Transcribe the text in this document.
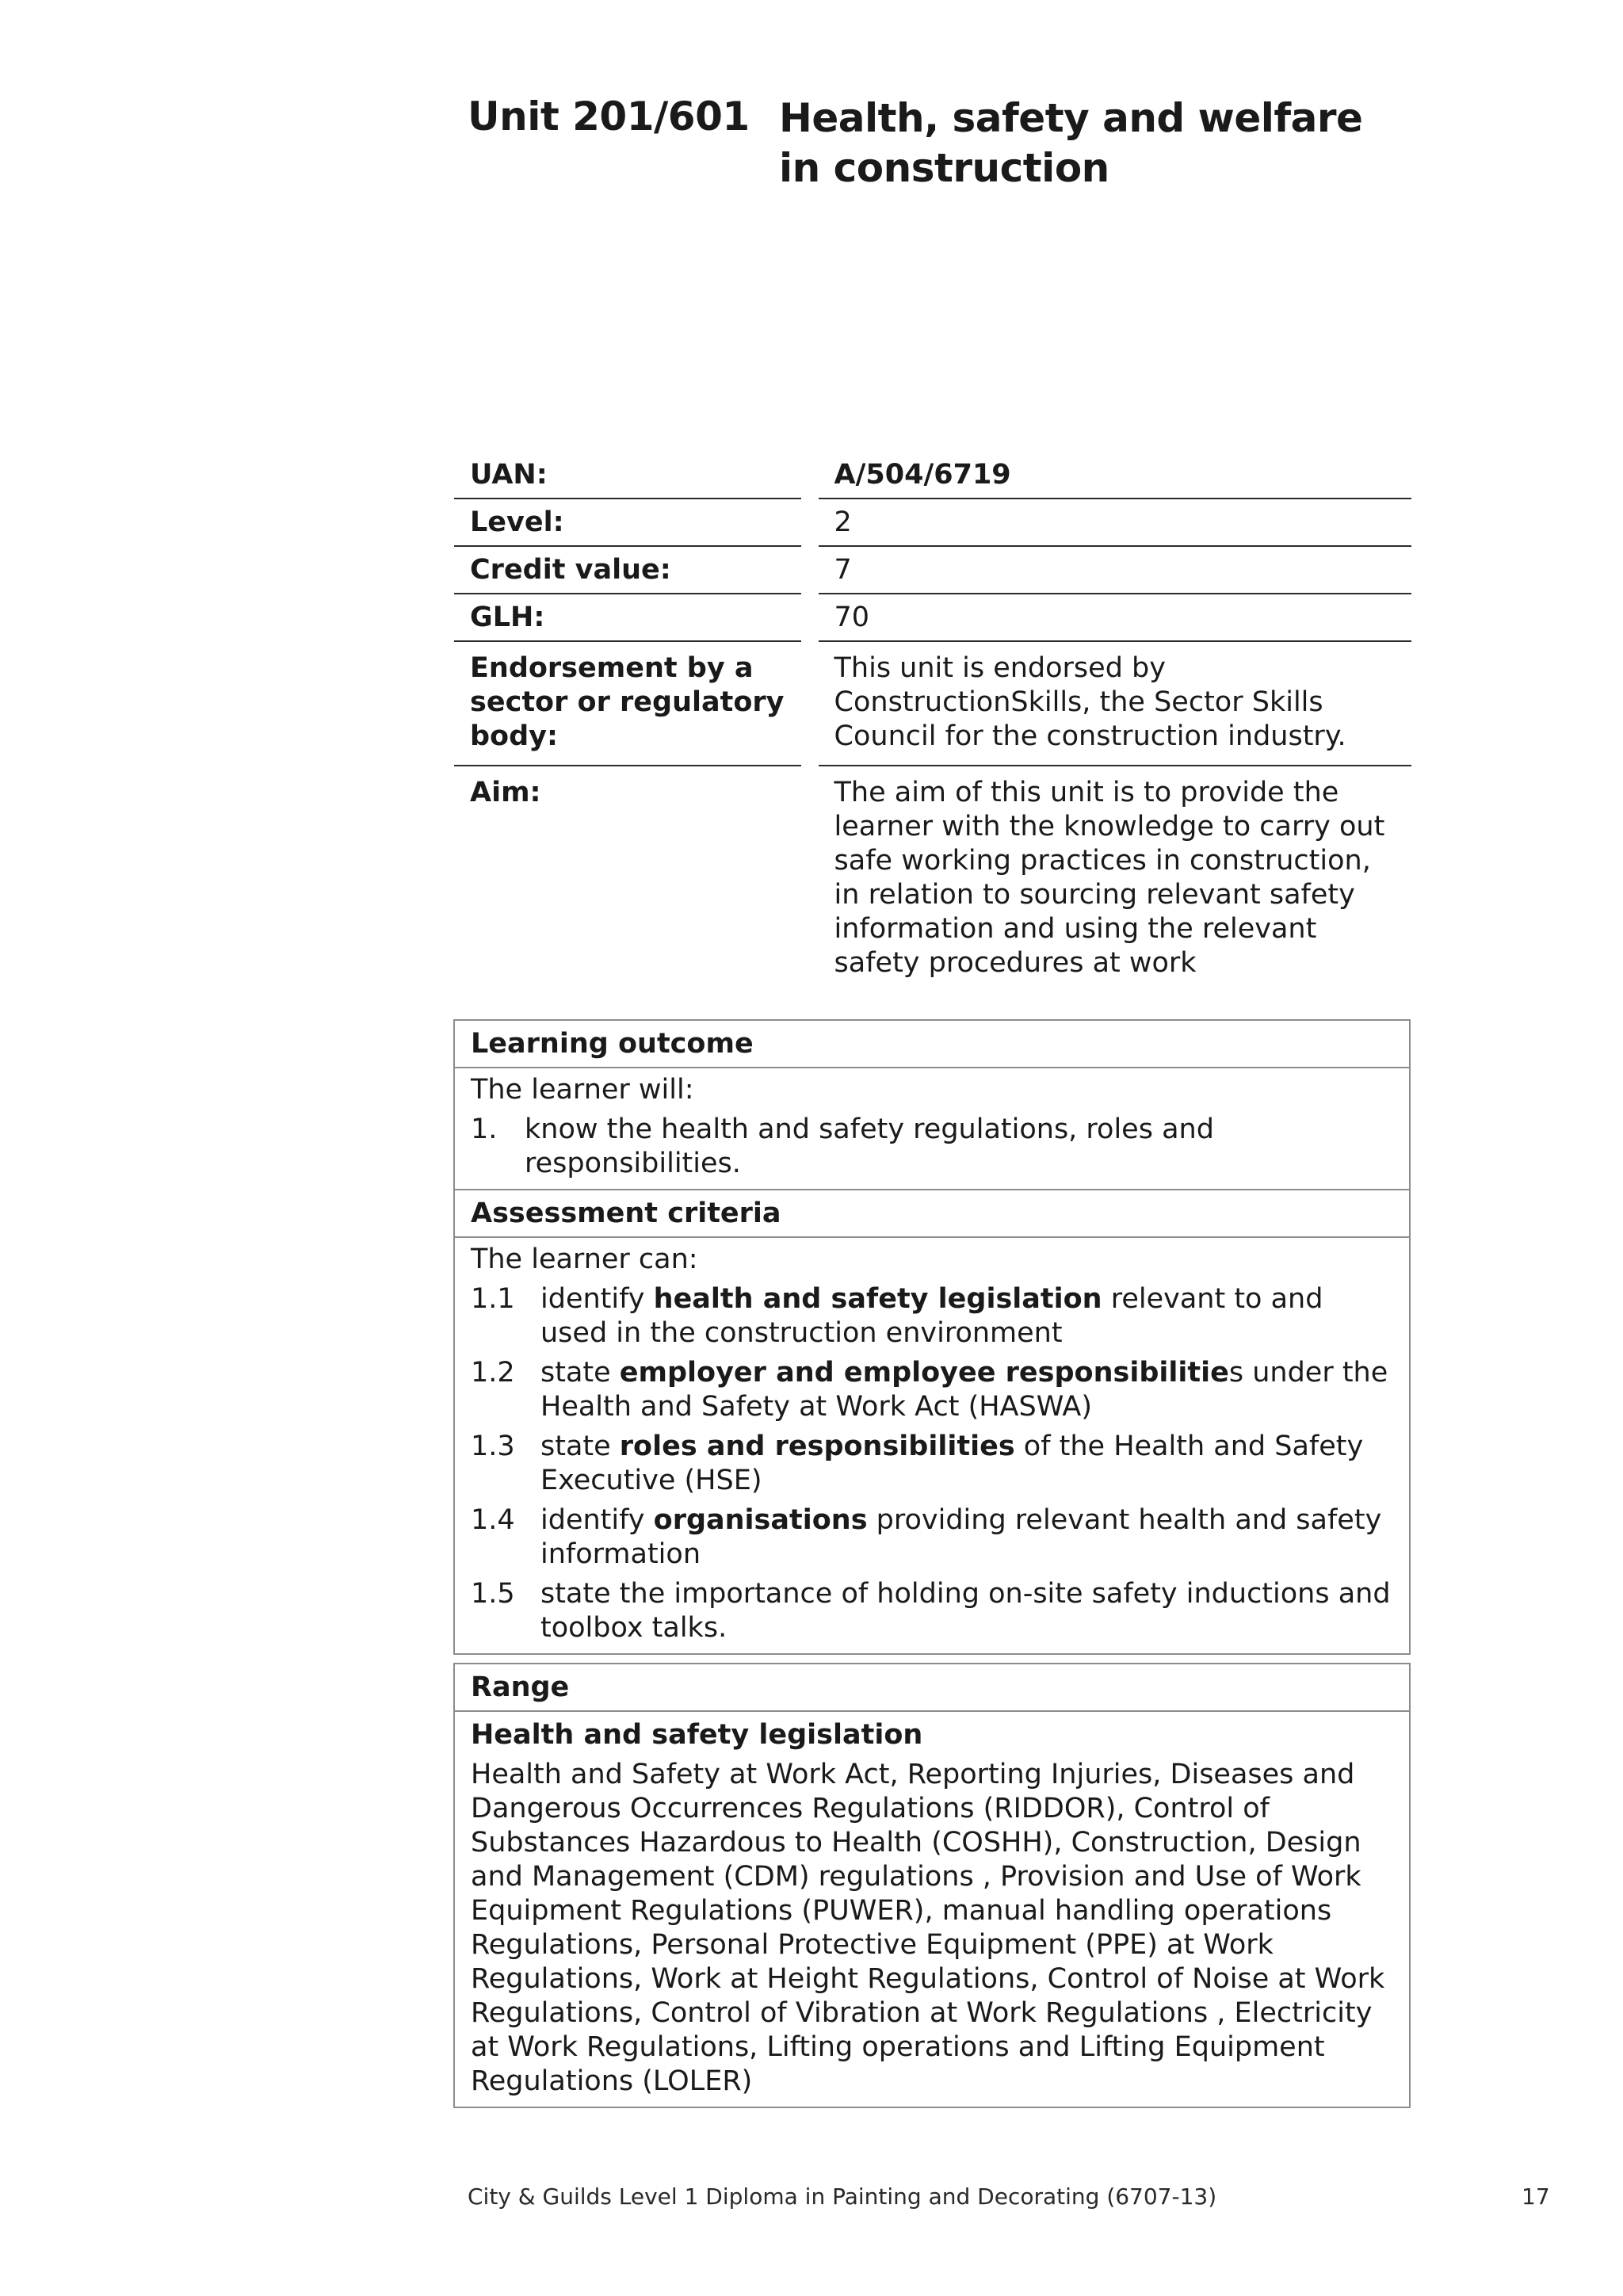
Unit 201/601 Health, safety and welfare in construction
UAN:		A/504/6719
Level:		2
Credit value:		7
GLH:		70
Endorsement by a sector or regulatory body:		This unit is endorsed by ConstructionSkills, the Sector Skills Council for the construction industry.
Aim:		The aim of this unit is to provide the learner with the knowledge to carry out safe working practices in construction, in relation to sourcing relevant safety information and using the relevant safety procedures at work
Learning outcome
The learner will:
1. know the health and safety regulations, roles and responsibilities.
Assessment criteria
The learner can:
1.1 identify health and safety legislation relevant to and used in the construction environment
1.2 state employer and employee responsibilities under the Health and Safety at Work Act (HASWA)
1.3 state roles and responsibilities of the Health and Safety Executive (HSE)
1.4 identify organisations providing relevant health and safety information
1.5 state the importance of holding on-site safety inductions and toolbox talks.
Range
Health and safety legislation
Health and Safety at Work Act, Reporting Injuries, Diseases and Dangerous Occurrences Regulations (RIDDOR), Control of Substances Hazardous to Health (COSHH), Construction, Design and Management (CDM) regulations , Provision and Use of Work Equipment Regulations (PUWER), manual handling operations Regulations, Personal Protective Equipment (PPE) at Work Regulations, Work at Height Regulations, Control of Noise at Work Regulations, Control of Vibration at Work Regulations , Electricity at Work Regulations, Lifting operations and Lifting Equipment Regulations (LOLER)
City & Guilds Level 1 Diploma in Painting and Decorating (6707-13)	17
